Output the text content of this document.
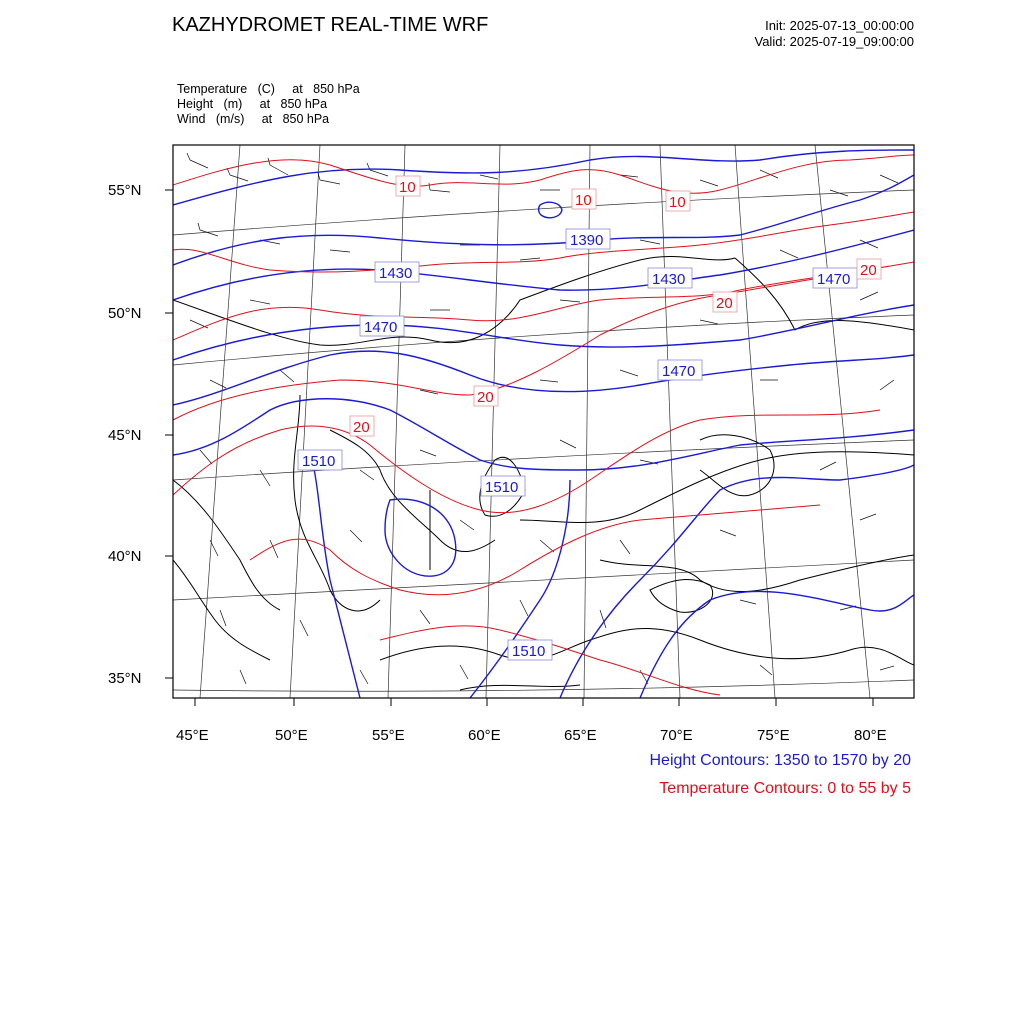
KAZHYDROMET REAL-TIME WRF	Init: 2025-07-13_00:00:00
Valid: 2025-07-19_09:00:00
Temperature   (C)     at   850 hPa
Height   (m)     at   850 hPa
Wind   (m/s)     at   850 hPa
55°N
50°N
45°N
40°N
35°N
45°E	50°E	55°E	60°E	65°E	70°E	75°E	80°E
1390
1430	1430
1470
1470
1470
1510
1510
1510
10
10	10
20
20
20
20
Height Contours: 1350 to 1570 by 20
Temperature Contours: 0 to 55 by 5
